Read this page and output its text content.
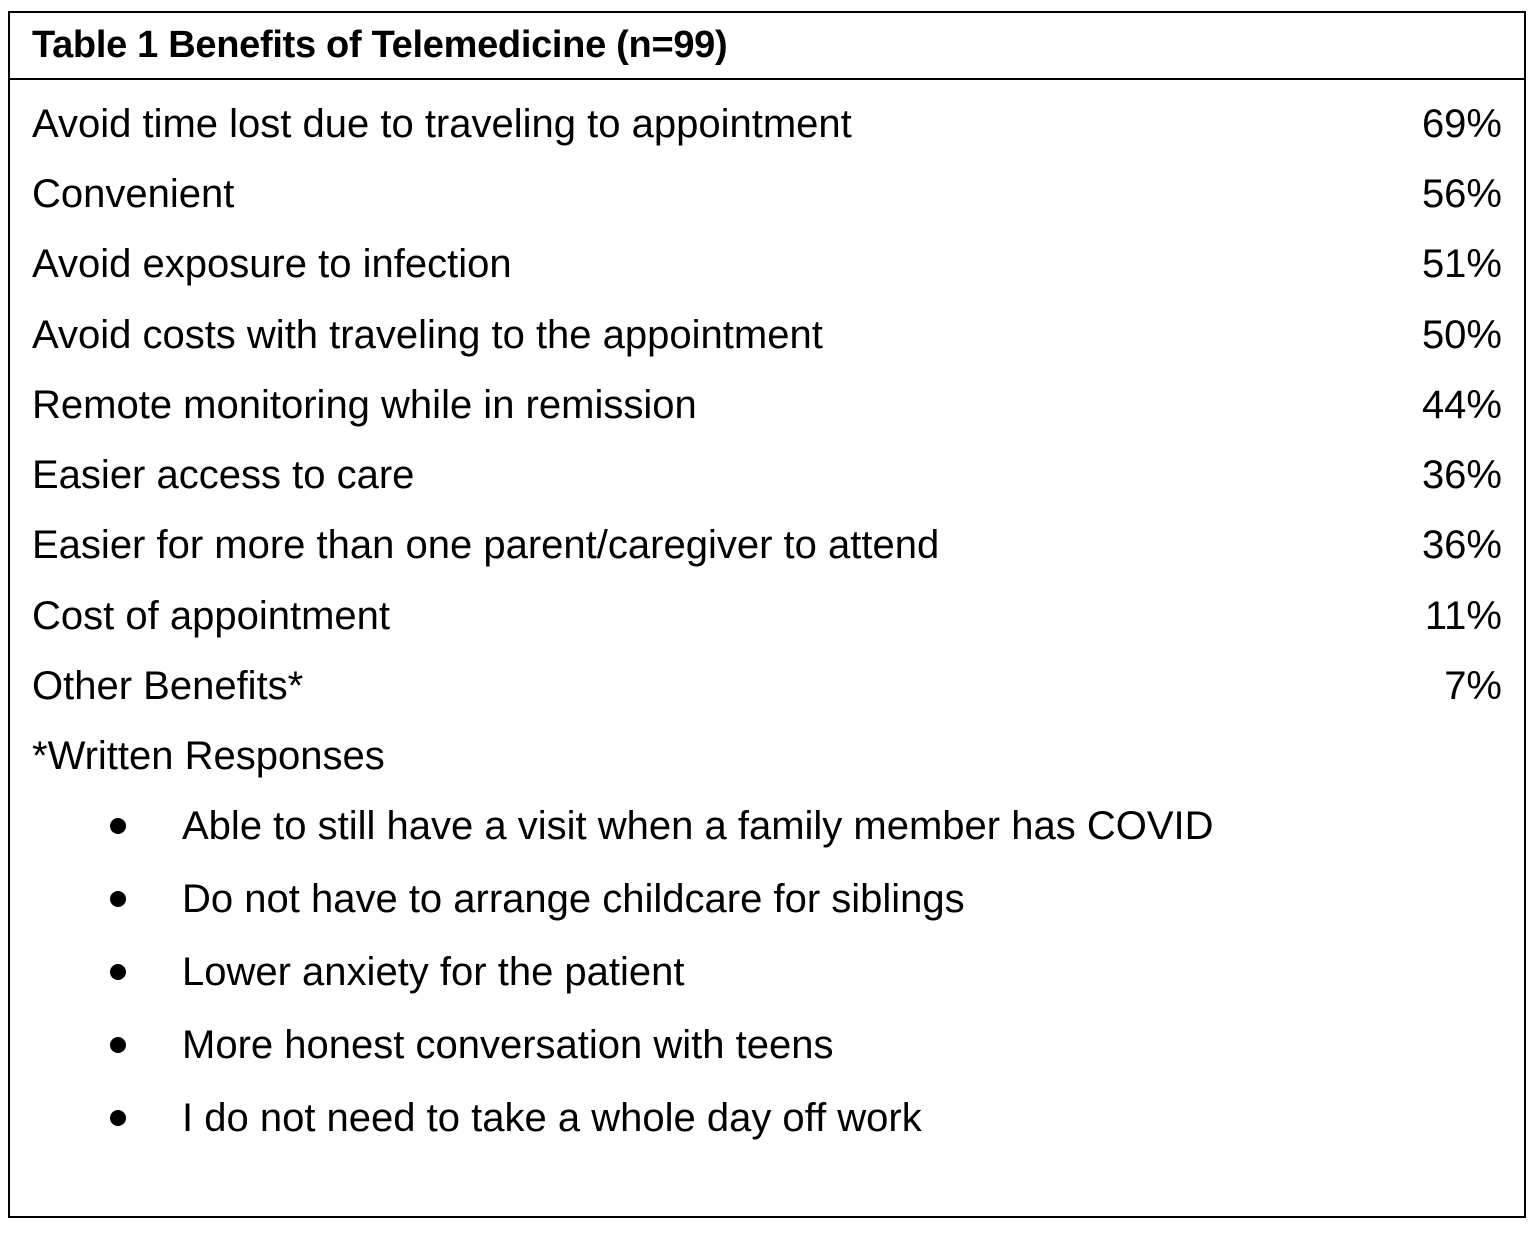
Table 1 Benefits of Telemedicine (n=99)
Avoid time lost due to traveling to appointment	69%
Convenient	56%
Avoid exposure to infection	51%
Avoid costs with traveling to the appointment	50%
Remote monitoring while in remission	44%
Easier access to care	36%
Easier for more than one parent/caregiver to attend	36%
Cost of appointment	11%
Other Benefits*	7%
*Written Responses
Able to still have a visit when a family member has COVID
Do not have to arrange childcare for siblings
Lower anxiety for the patient
More honest conversation with teens
I do not need to take a whole day off work
